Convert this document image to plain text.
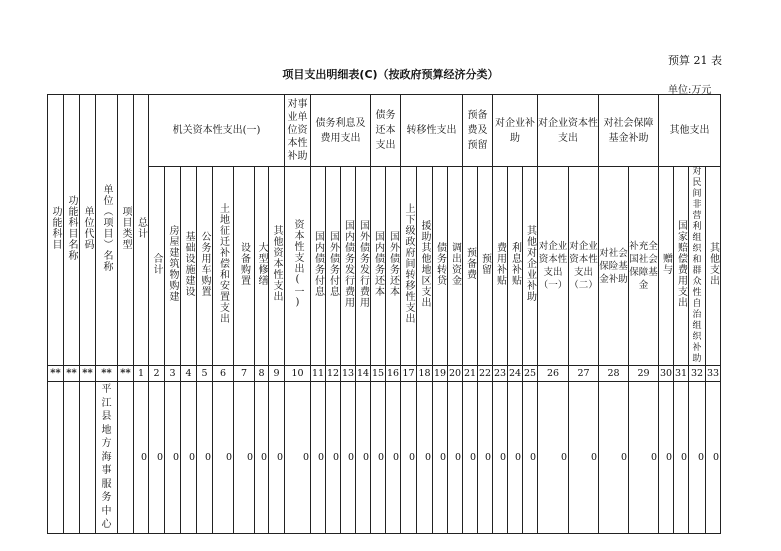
预算 21 表
项目支出明细表(C)（按政府预算经济分类）
单位:万元
功能科目	功能科目名称	单位代码	单位（项目）名称	项目类型	总计	机关资本性支出(一)								对事业单位资本性补助	债务利息及费用支出				债务还本支出		转移性支出				预备费及预留		对企业补助			对企业资本性支出		对社会保障基金补助		其他支出			
						合计	房屋建筑物购建	基础设施建设	公务用车购置	土地征迁补偿和安置支出	设备购置	大型修缮	其他资本性支出	资本性支出(一)	国内债务付息	国外债务付息	国内债务发行费用	国外债务发行费用	国内债务还本	国外债务还本	上下级政府间转移性支出	援助其他地区支出	债务转贷	调出资金	预备费	预留	费用补贴	利息补贴	其他对企业补助	对企业资本性支出（一）	对企业资本性支出（二）	对社会保险基金补助	补充全国社会保障基金	赠与	国家赔偿费用支出	对民间非营利组织和群众性自治组织补助	其他支出
**	**	**	**	**	1	2	3	4	5	6	7	8	9	10	11	12	13	14	15	16	17	18	19	20	21	22	23	24	25	26	27	28	29	30	31	32	33
			平江县地方海事服务中心		0	0	0	0	0	0	0	0	0	0	0	0	0	0	0	0	0	0	0	0	0	0	0	0	0	0	0	0	0	0	0	0	0
